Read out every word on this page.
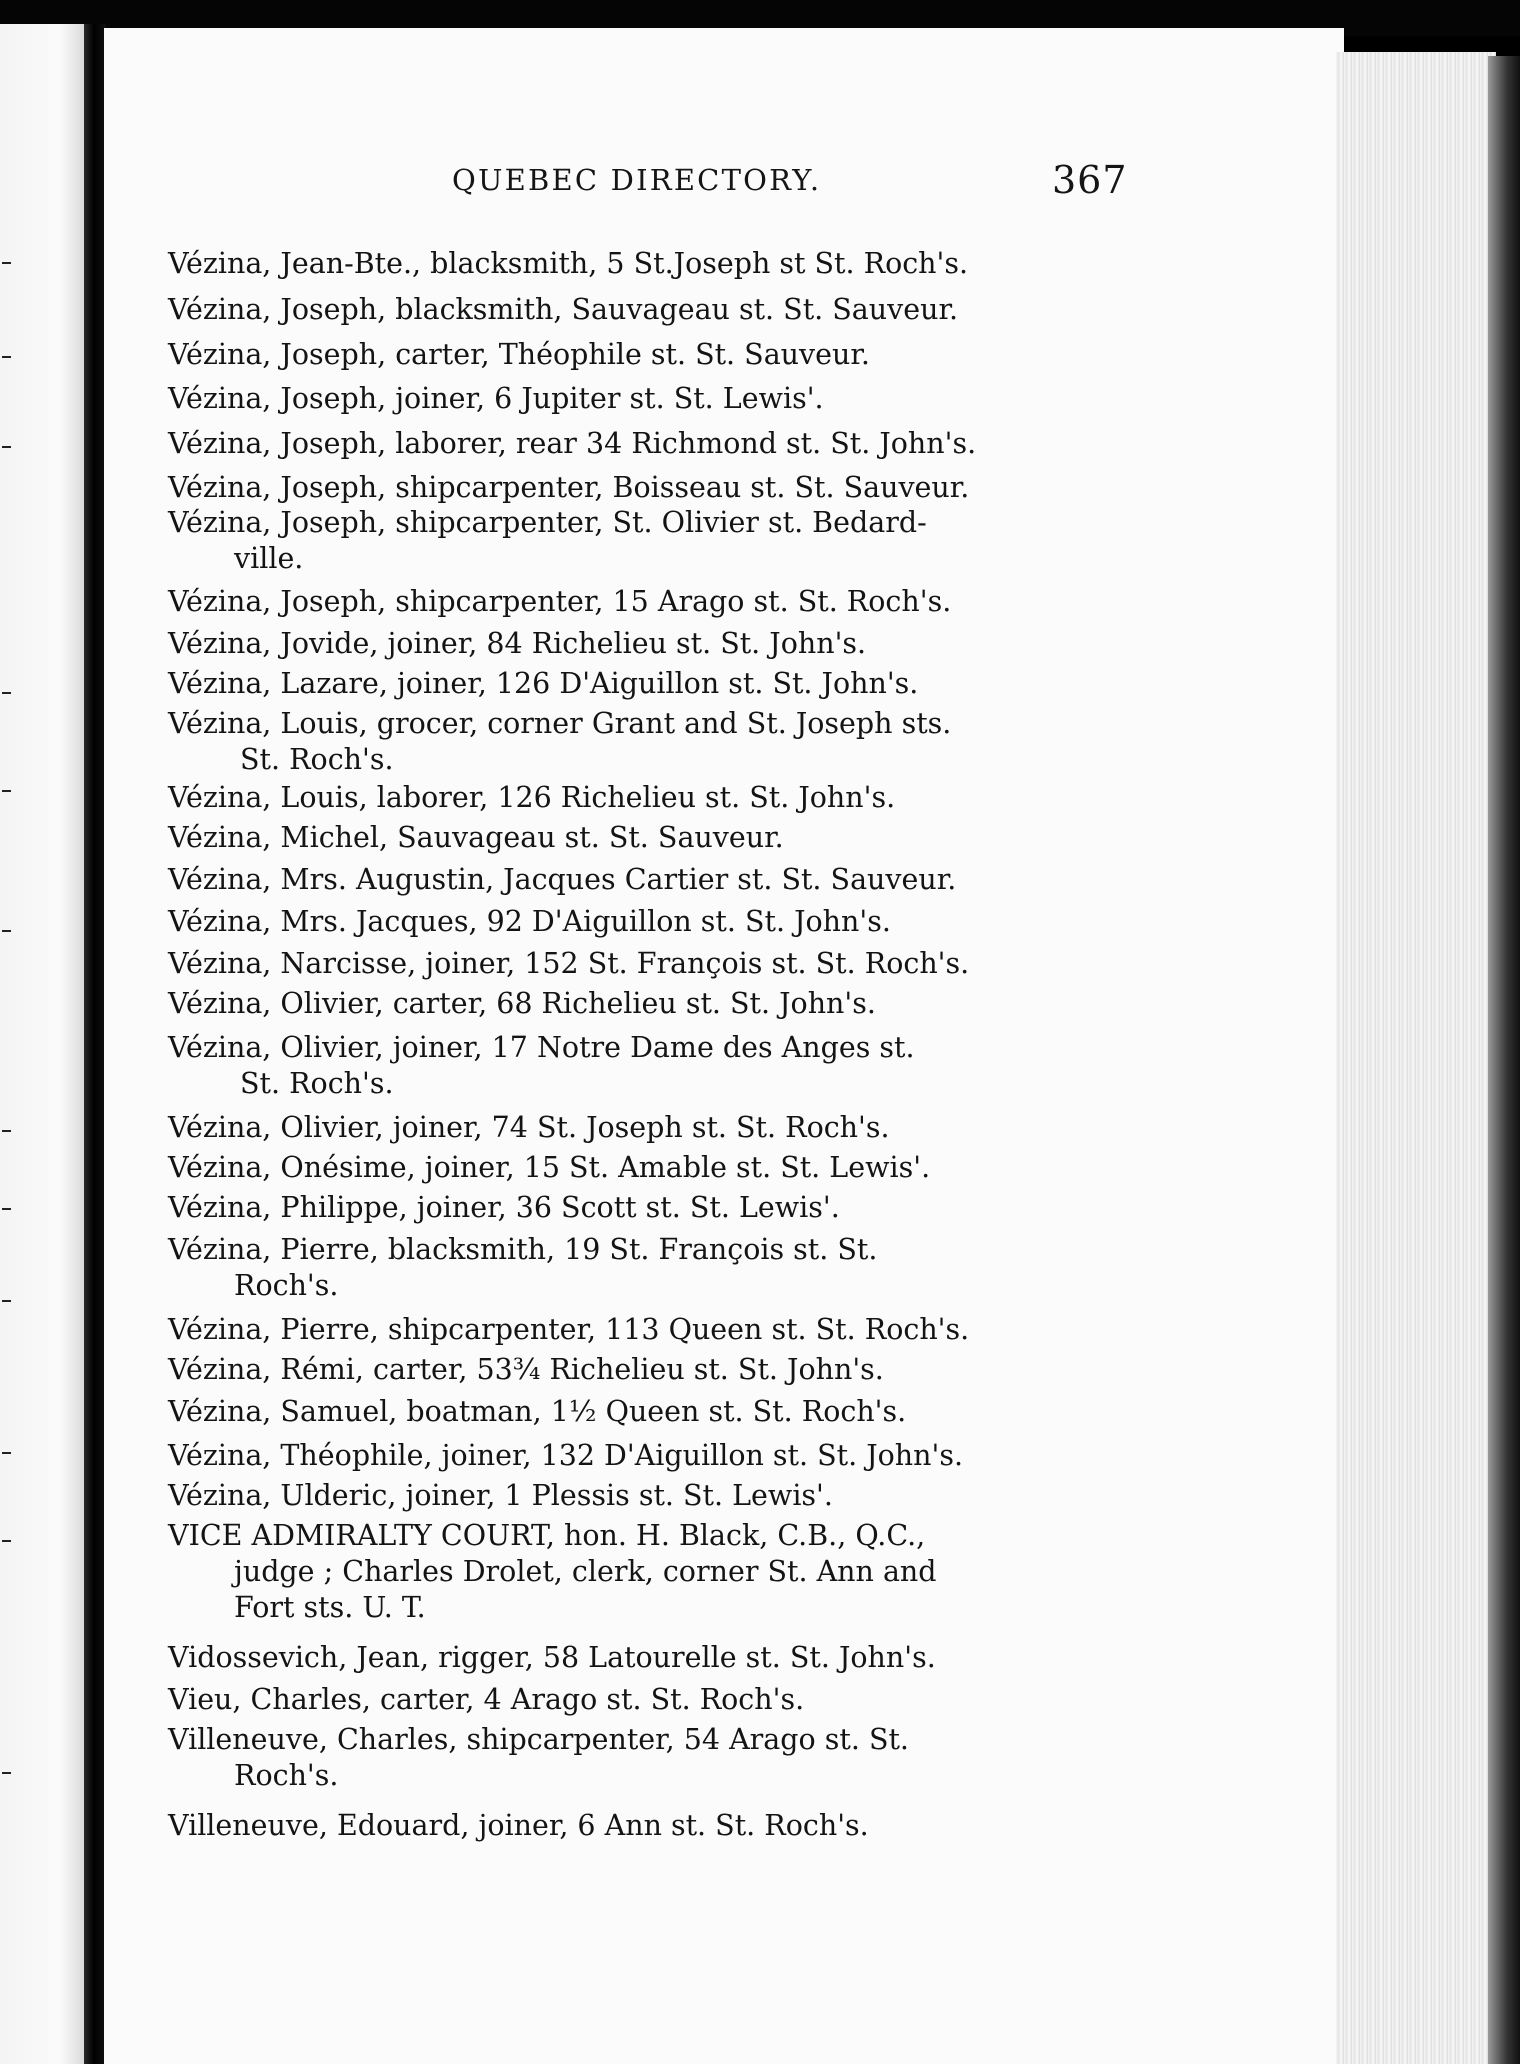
QUEBEC DIRECTORY.	367
Vézina, Jean-Bte., blacksmith, 5 St.Joseph st St. Roch's.
Vézina, Joseph, blacksmith, Sauvageau st. St. Sauveur.
Vézina, Joseph, carter, Théophile st. St. Sauveur.
Vézina, Joseph, joiner, 6 Jupiter st. St. Lewis'.
Vézina, Joseph, laborer, rear 34 Richmond st. St. John's.
Vézina, Joseph, shipcarpenter, Boisseau st. St. Sauveur.
Vézina, Joseph, shipcarpenter, St. Olivier st. Bedard-
ville.
Vézina, Joseph, shipcarpenter, 15 Arago st. St. Roch's.
Vézina, Jovide, joiner, 84 Richelieu st. St. John's.
Vézina, Lazare, joiner, 126 D'Aiguillon st. St. John's.
Vézina, Louis, grocer, corner Grant and St. Joseph sts.
St. Roch's.
Vézina, Louis, laborer, 126 Richelieu st. St. John's.
Vézina, Michel, Sauvageau st. St. Sauveur.
Vézina, Mrs. Augustin, Jacques Cartier st. St. Sauveur.
Vézina, Mrs. Jacques, 92 D'Aiguillon st. St. John's.
Vézina, Narcisse, joiner, 152 St. François st. St. Roch's.
Vézina, Olivier, carter, 68 Richelieu st. St. John's.
Vézina, Olivier, joiner, 17 Notre Dame des Anges st.
St. Roch's.
Vézina, Olivier, joiner, 74 St. Joseph st. St. Roch's.
Vézina, Onésime, joiner, 15 St. Amable st. St. Lewis'.
Vézina, Philippe, joiner, 36 Scott st. St. Lewis'.
Vézina, Pierre, blacksmith, 19 St. François st. St.
Roch's.
Vézina, Pierre, shipcarpenter, 113 Queen st. St. Roch's.
Vézina, Rémi, carter, 53¾ Richelieu st. St. John's.
Vézina, Samuel, boatman, 1½ Queen st. St. Roch's.
Vézina, Théophile, joiner, 132 D'Aiguillon st. St. John's.
Vézina, Ulderic, joiner, 1 Plessis st. St. Lewis'.
VICE ADMIRALTY COURT, hon. H. Black, C.B., Q.C.,
judge ; Charles Drolet, clerk, corner St. Ann and
Fort sts. U. T.
Vidossevich, Jean, rigger, 58 Latourelle st. St. John's.
Vieu, Charles, carter, 4 Arago st. St. Roch's.
Villeneuve, Charles, shipcarpenter, 54 Arago st. St.
Roch's.
Villeneuve, Edouard, joiner, 6 Ann st. St. Roch's.
